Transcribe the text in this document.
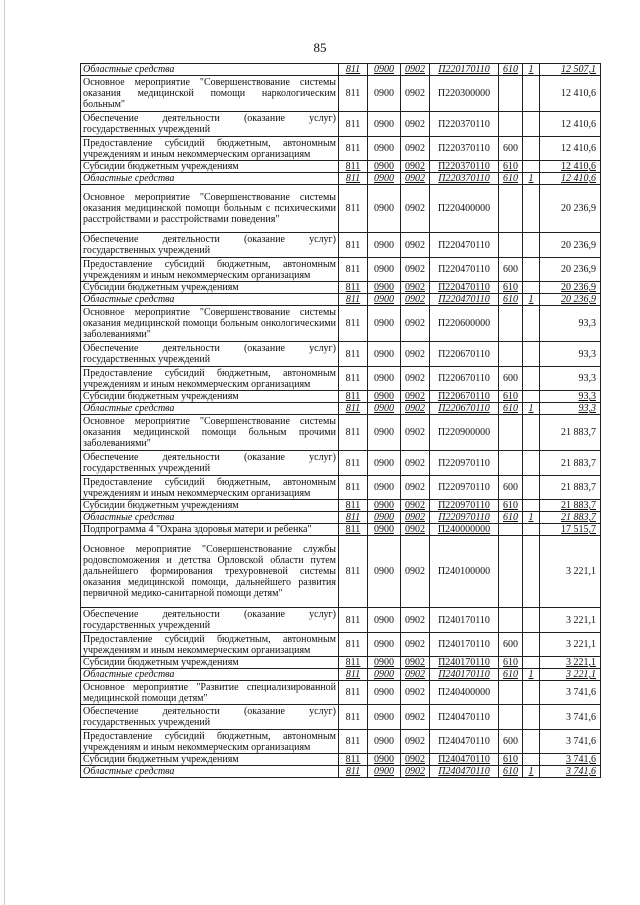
85
Областные средства	811	0900	0902	П220170110	610	1	12 507,1
Основное мероприятие "Совершенствование системы оказания медицинской помощи наркологическим больным"	811	0900	0902	П220300000			12 410,6
Обеспечение деятельности (оказание услуг) государственных учреждений	811	0900	0902	П220370110			12 410,6
Предоставление субсидий бюджетным, автономным учреждениям и иным некоммерческим организациям	811	0900	0902	П220370110	600		12 410,6
Субсидии бюджетным учреждениям	811	0900	0902	П220370110	610		12 410,6
Областные средства	811	0900	0902	П220370110	610	1	12 410,6
Основное мероприятие "Совершенствование системы оказания медицинской помощи больным с психическими расстройствами и расстройствами поведения"	811	0900	0902	П220400000			20 236,9
Обеспечение деятельности (оказание услуг) государственных учреждений	811	0900	0902	П220470110			20 236,9
Предоставление субсидий бюджетным, автономным учреждениям и иным некоммерческим организациям	811	0900	0902	П220470110	600		20 236,9
Субсидии бюджетным учреждениям	811	0900	0902	П220470110	610		20 236,9
Областные средства	811	0900	0902	П220470110	610	1	20 236,9
Основное мероприятие "Совершенствование системы оказания медицинской помощи больным онкологическими заболеваниями"	811	0900	0902	П220600000			93,3
Обеспечение деятельности (оказание услуг) государственных учреждений	811	0900	0902	П220670110			93,3
Предоставление субсидий бюджетным, автономным учреждениям и иным некоммерческим организациям	811	0900	0902	П220670110	600		93,3
Субсидии бюджетным учреждениям	811	0900	0902	П220670110	610		93,3
Областные средства	811	0900	0902	П220670110	610	1	93,3
Основное мероприятие "Совершенствование системы оказания медицинской помощи больным прочими заболеваниями"	811	0900	0902	П220900000			21 883,7
Обеспечение деятельности (оказание услуг) государственных учреждений	811	0900	0902	П220970110			21 883,7
Предоставление субсидий бюджетным, автономным учреждениям и иным некоммерческим организациям	811	0900	0902	П220970110	600		21 883,7
Субсидии бюджетным учреждениям	811	0900	0902	П220970110	610		21 883,7
Областные средства	811	0900	0902	П220970110	610	1	21 883,7
Подпрограмма 4 "Охрана здоровья матери и ребенка"	811	0900	0902	П240000000			17 515,7
Основное мероприятие "Совершенствование службы родовспоможения и детства Орловской области путем дальнейшего формирования трехуровневой системы оказания медицинской помощи, дальнейшего развития первичной медико-санитарной помощи детям"	811	0900	0902	П240100000			3 221,1
Обеспечение деятельности (оказание услуг) государственных учреждений	811	0900	0902	П240170110			3 221,1
Предоставление субсидий бюджетным, автономным учреждениям и иным некоммерческим организациям	811	0900	0902	П240170110	600		3 221,1
Субсидии бюджетным учреждениям	811	0900	0902	П240170110	610		3 221,1
Областные средства	811	0900	0902	П240170110	610	1	3 221,1
Основное мероприятие "Развитие специализированной медицинской помощи детям"	811	0900	0902	П240400000			3 741,6
Обеспечение деятельности (оказание услуг) государственных учреждений	811	0900	0902	П240470110			3 741,6
Предоставление субсидий бюджетным, автономным учреждениям и иным некоммерческим организациям	811	0900	0902	П240470110	600		3 741,6
Субсидии бюджетным учреждениям	811	0900	0902	П240470110	610		3 741,6
Областные средства	811	0900	0902	П240470110	610	1	3 741,6
